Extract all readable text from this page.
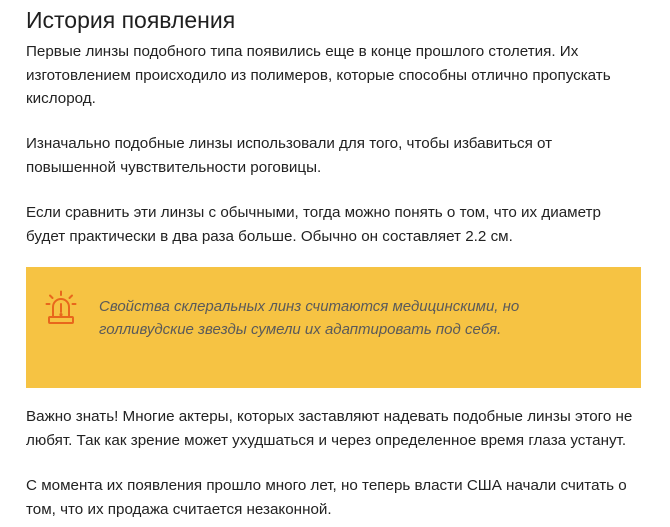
История появления

Первые линзы подобного типа появились еще в конце прошлого столетия. Их
изготовлением происходило из полимеров, которые способны отлично пропускать
кислород.

Изначально подобные линзы использовали для того, чтобы избавиться от
повышенной чувствительности роговицы.

Если сравнить эти линзы с обычными, тогда можно понять о том, что их диаметр
будет практически в два раза больше. Обычно он составляет 2.2 см.

Свойства склеральных линз считаются медицинскими, но
голливудские звезды сумели их адаптировать под себя.

Важно знать! Многие актеры, которых заставляют надевать подобные линзы этого не
любят. Так как зрение может ухудшаться и через определенное время глаза устанут.

С момента их появления прошло много лет, но теперь власти США начали считать о
том, что их продажа считается незаконной.
